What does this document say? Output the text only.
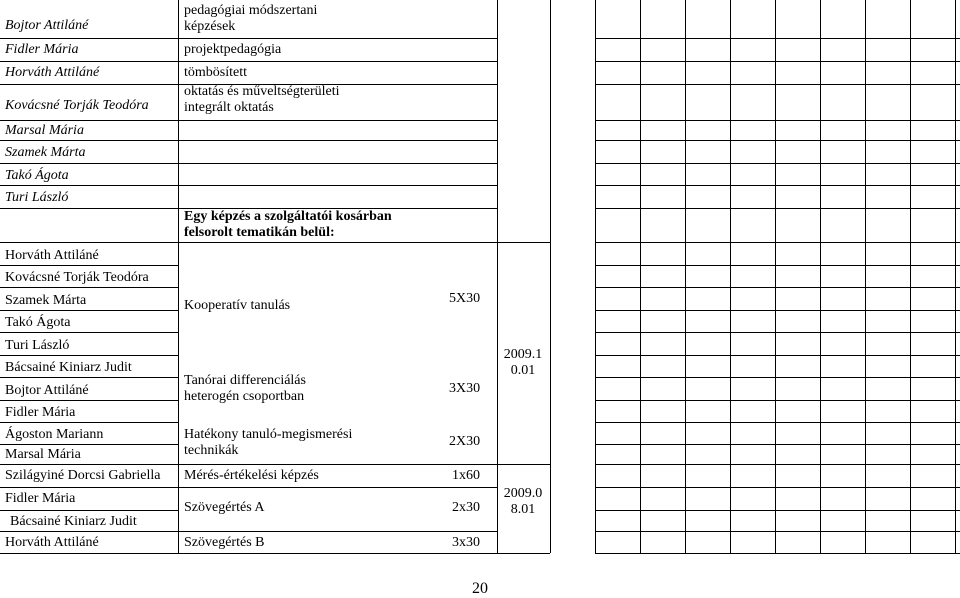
Bojtor Attiláné
Fidler Mária
Horváth Attiláné
Kovácsné Torják Teodóra
Marsal Mária
Szamek Márta
Takó Ágota
Turi László
Horváth Attiláné
Kovácsné Torják Teodóra
Szamek Márta
Takó Ágota
Turi László
Bácsainé Kiniarz Judit
Bojtor Attiláné
Fidler Mária
Ágoston Mariann
Marsal Mária
Szilágyiné Dorcsi Gabriella
Fidler Mária
Bácsainé Kiniarz Judit
Horváth Attiláné
pedagógiai módszertani képzések
projektpedagógia
tömbösített
oktatás és műveltségterületi integrált oktatás
Egy képzés a szolgáltatói kosárban felsorolt tematikán belül:
Kooperatív tanulás
Tanórai differenciálás heterogén csoportban
Hatékony tanuló-megismerési technikák
Mérés-értékelési képzés
Szövegértés A
Szövegértés B
5X30
3X30
2X30
1x60
2x30
3x30
2009.1 0.01
2009.0 8.01
20
